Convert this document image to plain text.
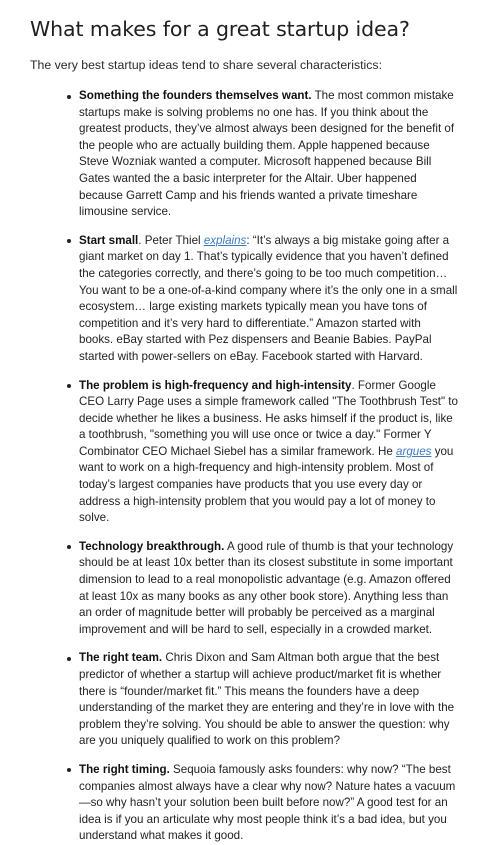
What makes for a great startup idea?

The very best startup ideas tend to share several characteristics:

Something the founders themselves want. The most common mistake startups make is solving problems no one has. If you think about the greatest products, they’ve almost always been designed for the benefit of the people who are actually building them. Apple happened because Steve Wozniak wanted a computer. Microsoft happened because Bill Gates wanted the a basic interpreter for the Altair. Uber happened because Garrett Camp and his friends wanted a private timeshare limousine service.
Start small. Peter Thiel explains: “It’s always a big mistake going after a giant market on day 1. That’s typically evidence that you haven’t defined the categories correctly, and there’s going to be too much competition… You want to be a one-of-a-kind company where it’s the only one in a small ecosystem… large existing markets typically mean you have tons of competition and it’s very hard to differentiate.” Amazon started with books. eBay started with Pez dispensers and Beanie Babies. PayPal started with power-sellers on eBay. Facebook started with Harvard.
The problem is high-frequency and high-intensity. Former Google CEO Larry Page uses a simple framework called "The Toothbrush Test" to decide whether he likes a business. He asks himself if the product is, like a toothbrush, "something you will use once or twice a day." Former Y Combinator CEO Michael Siebel has a similar framework. He argues you want to work on a high-frequency and high-intensity problem. Most of today’s largest companies have products that you use every day or address a high-intensity problem that you would pay a lot of money to solve.
Technology breakthrough. A good rule of thumb is that your technology should be at least 10x better than its closest substitute in some important dimension to lead to a real monopolistic advantage (e.g. Amazon offered at least 10x as many books as any other book store). Anything less than an order of magnitude better will probably be perceived as a marginal improvement and will be hard to sell, especially in a crowded market.
The right team. Chris Dixon and Sam Altman both argue that the best predictor of whether a startup will achieve product/market fit is whether there is “founder/market fit.” This means the founders have a deep understanding of the market they are entering and they’re in love with the problem they’re solving. You should be able to answer the question: why are you uniquely qualified to work on this problem?
The right timing. Sequoia famously asks founders: why now? “The best companies almost always have a clear why now? Nature hates a vacuum—so why hasn’t your solution been built before now?” A good test for an idea is if you an articulate why most people think it’s a bad idea, but you understand what makes it good.
